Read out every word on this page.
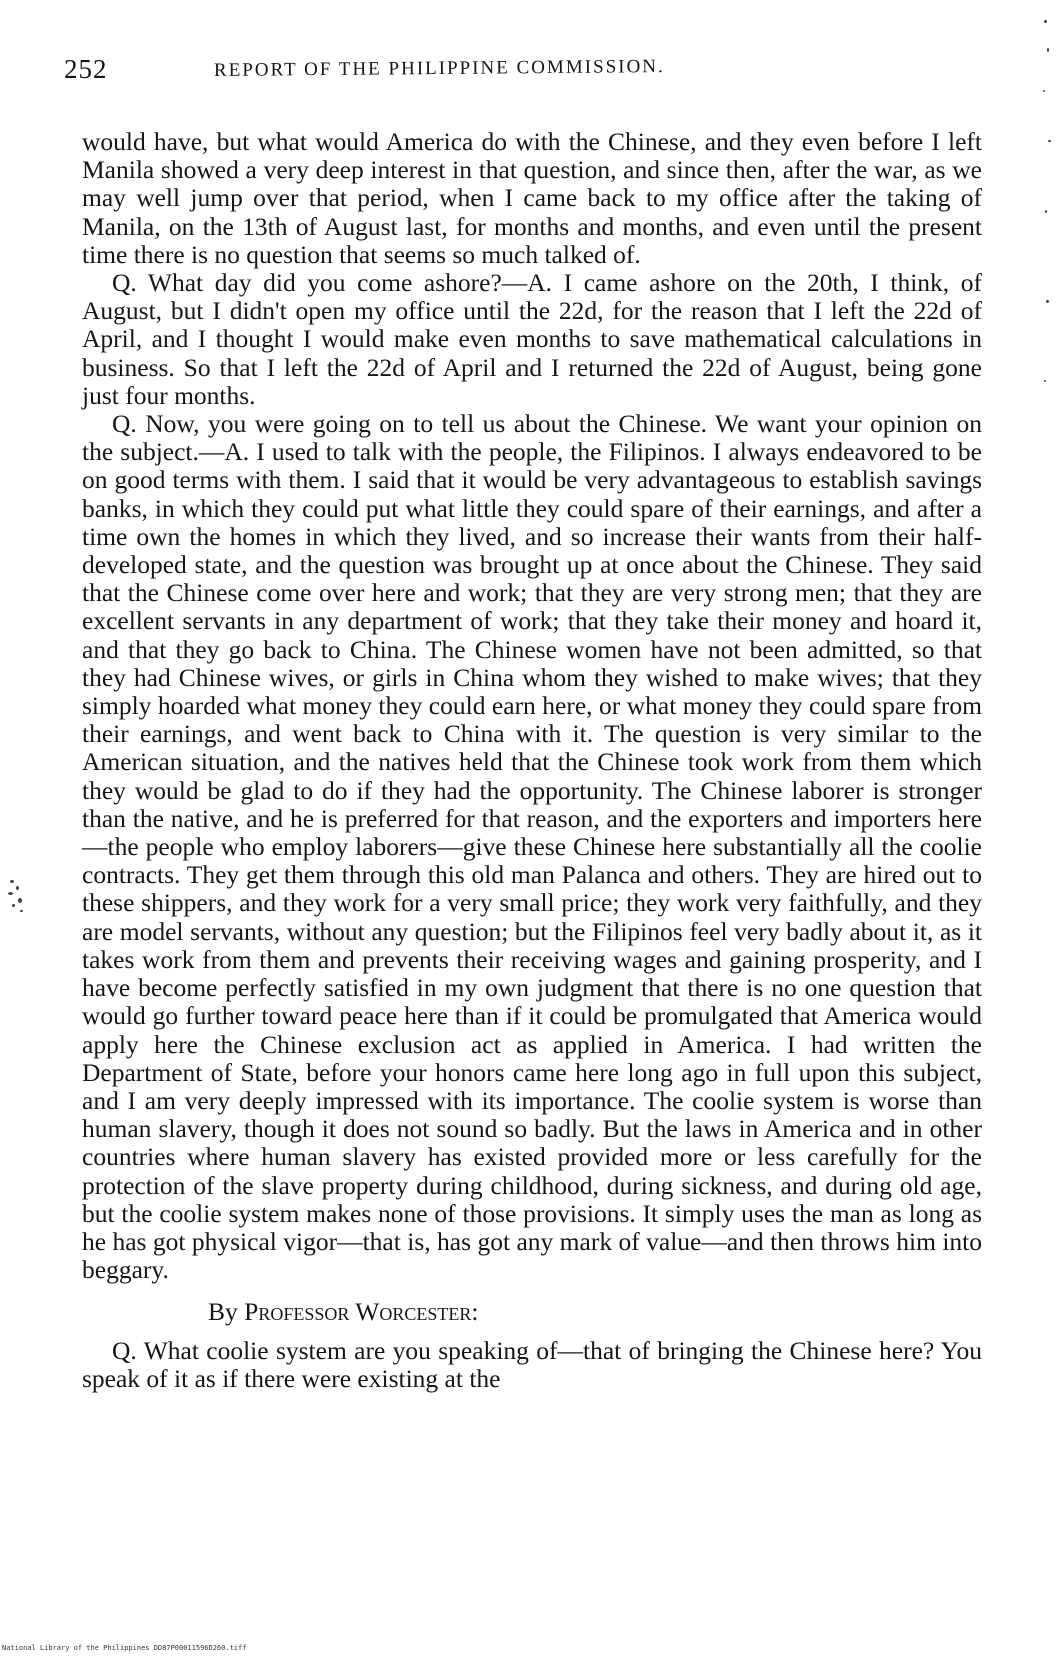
252	REPORT OF THE PHILIPPINE COMMISSION.

would have, but what would America do with the Chinese, and they even before I left Manila showed a very deep interest in that question, and since then, after the war, as we may well jump over that period, when I came back to my office after the taking of Manila, on the 13th of August last, for months and months, and even until the present time there is no question that seems so much talked of.

Q. What day did you come ashore?—A. I came ashore on the 20th, I think, of August, but I didn't open my office until the 22d, for the reason that I left the 22d of April, and I thought I would make even months to save mathematical calculations in business. So that I left the 22d of April and I returned the 22d of August, being gone just four months.

Q. Now, you were going on to tell us about the Chinese. We want your opinion on the subject.—A. I used to talk with the people, the Filipinos. I always endeavored to be on good terms with them. I said that it would be very advantageous to establish savings banks, in which they could put what little they could spare of their earnings, and after a time own the homes in which they lived, and so increase their wants from their half-developed state, and the question was brought up at once about the Chinese. They said that the Chinese come over here and work; that they are very strong men; that they are excellent servants in any department of work; that they take their money and hoard it, and that they go back to China. The Chinese women have not been admitted, so that they had Chinese wives, or girls in China whom they wished to make wives; that they simply hoarded what money they could earn here, or what money they could spare from their earnings, and went back to China with it. The question is very similar to the American situation, and the natives held that the Chinese took work from them which they would be glad to do if they had the opportunity. The Chinese laborer is stronger than the native, and he is preferred for that reason, and the exporters and importers here—the people who employ laborers—give these Chinese here substantially all the coolie contracts. They get them through this old man Palanca and others. They are hired out to these shippers, and they work for a very small price; they work very faithfully, and they are model servants, without any question; but the Filipinos feel very badly about it, as it takes work from them and prevents their receiving wages and gaining prosperity, and I have become perfectly satisfied in my own judgment that there is no one question that would go further toward peace here than if it could be promulgated that America would apply here the Chinese exclusion act as applied in America. I had written the Department of State, before your honors came here long ago in full upon this subject, and I am very deeply impressed with its importance. The coolie system is worse than human slavery, though it does not sound so badly. But the laws in America and in other countries where human slavery has existed provided more or less carefully for the protection of the slave property during childhood, during sickness, and during old age, but the coolie system makes none of those provisions. It simply uses the man as long as he has got physical vigor—that is, has got any mark of value—and then throws him into beggary.

By Professor Worcester:

Q. What coolie system are you speaking of—that of bringing the Chinese here? You speak of it as if there were existing at the

National Library of the Philippines DD87P00011596D260.tiff
